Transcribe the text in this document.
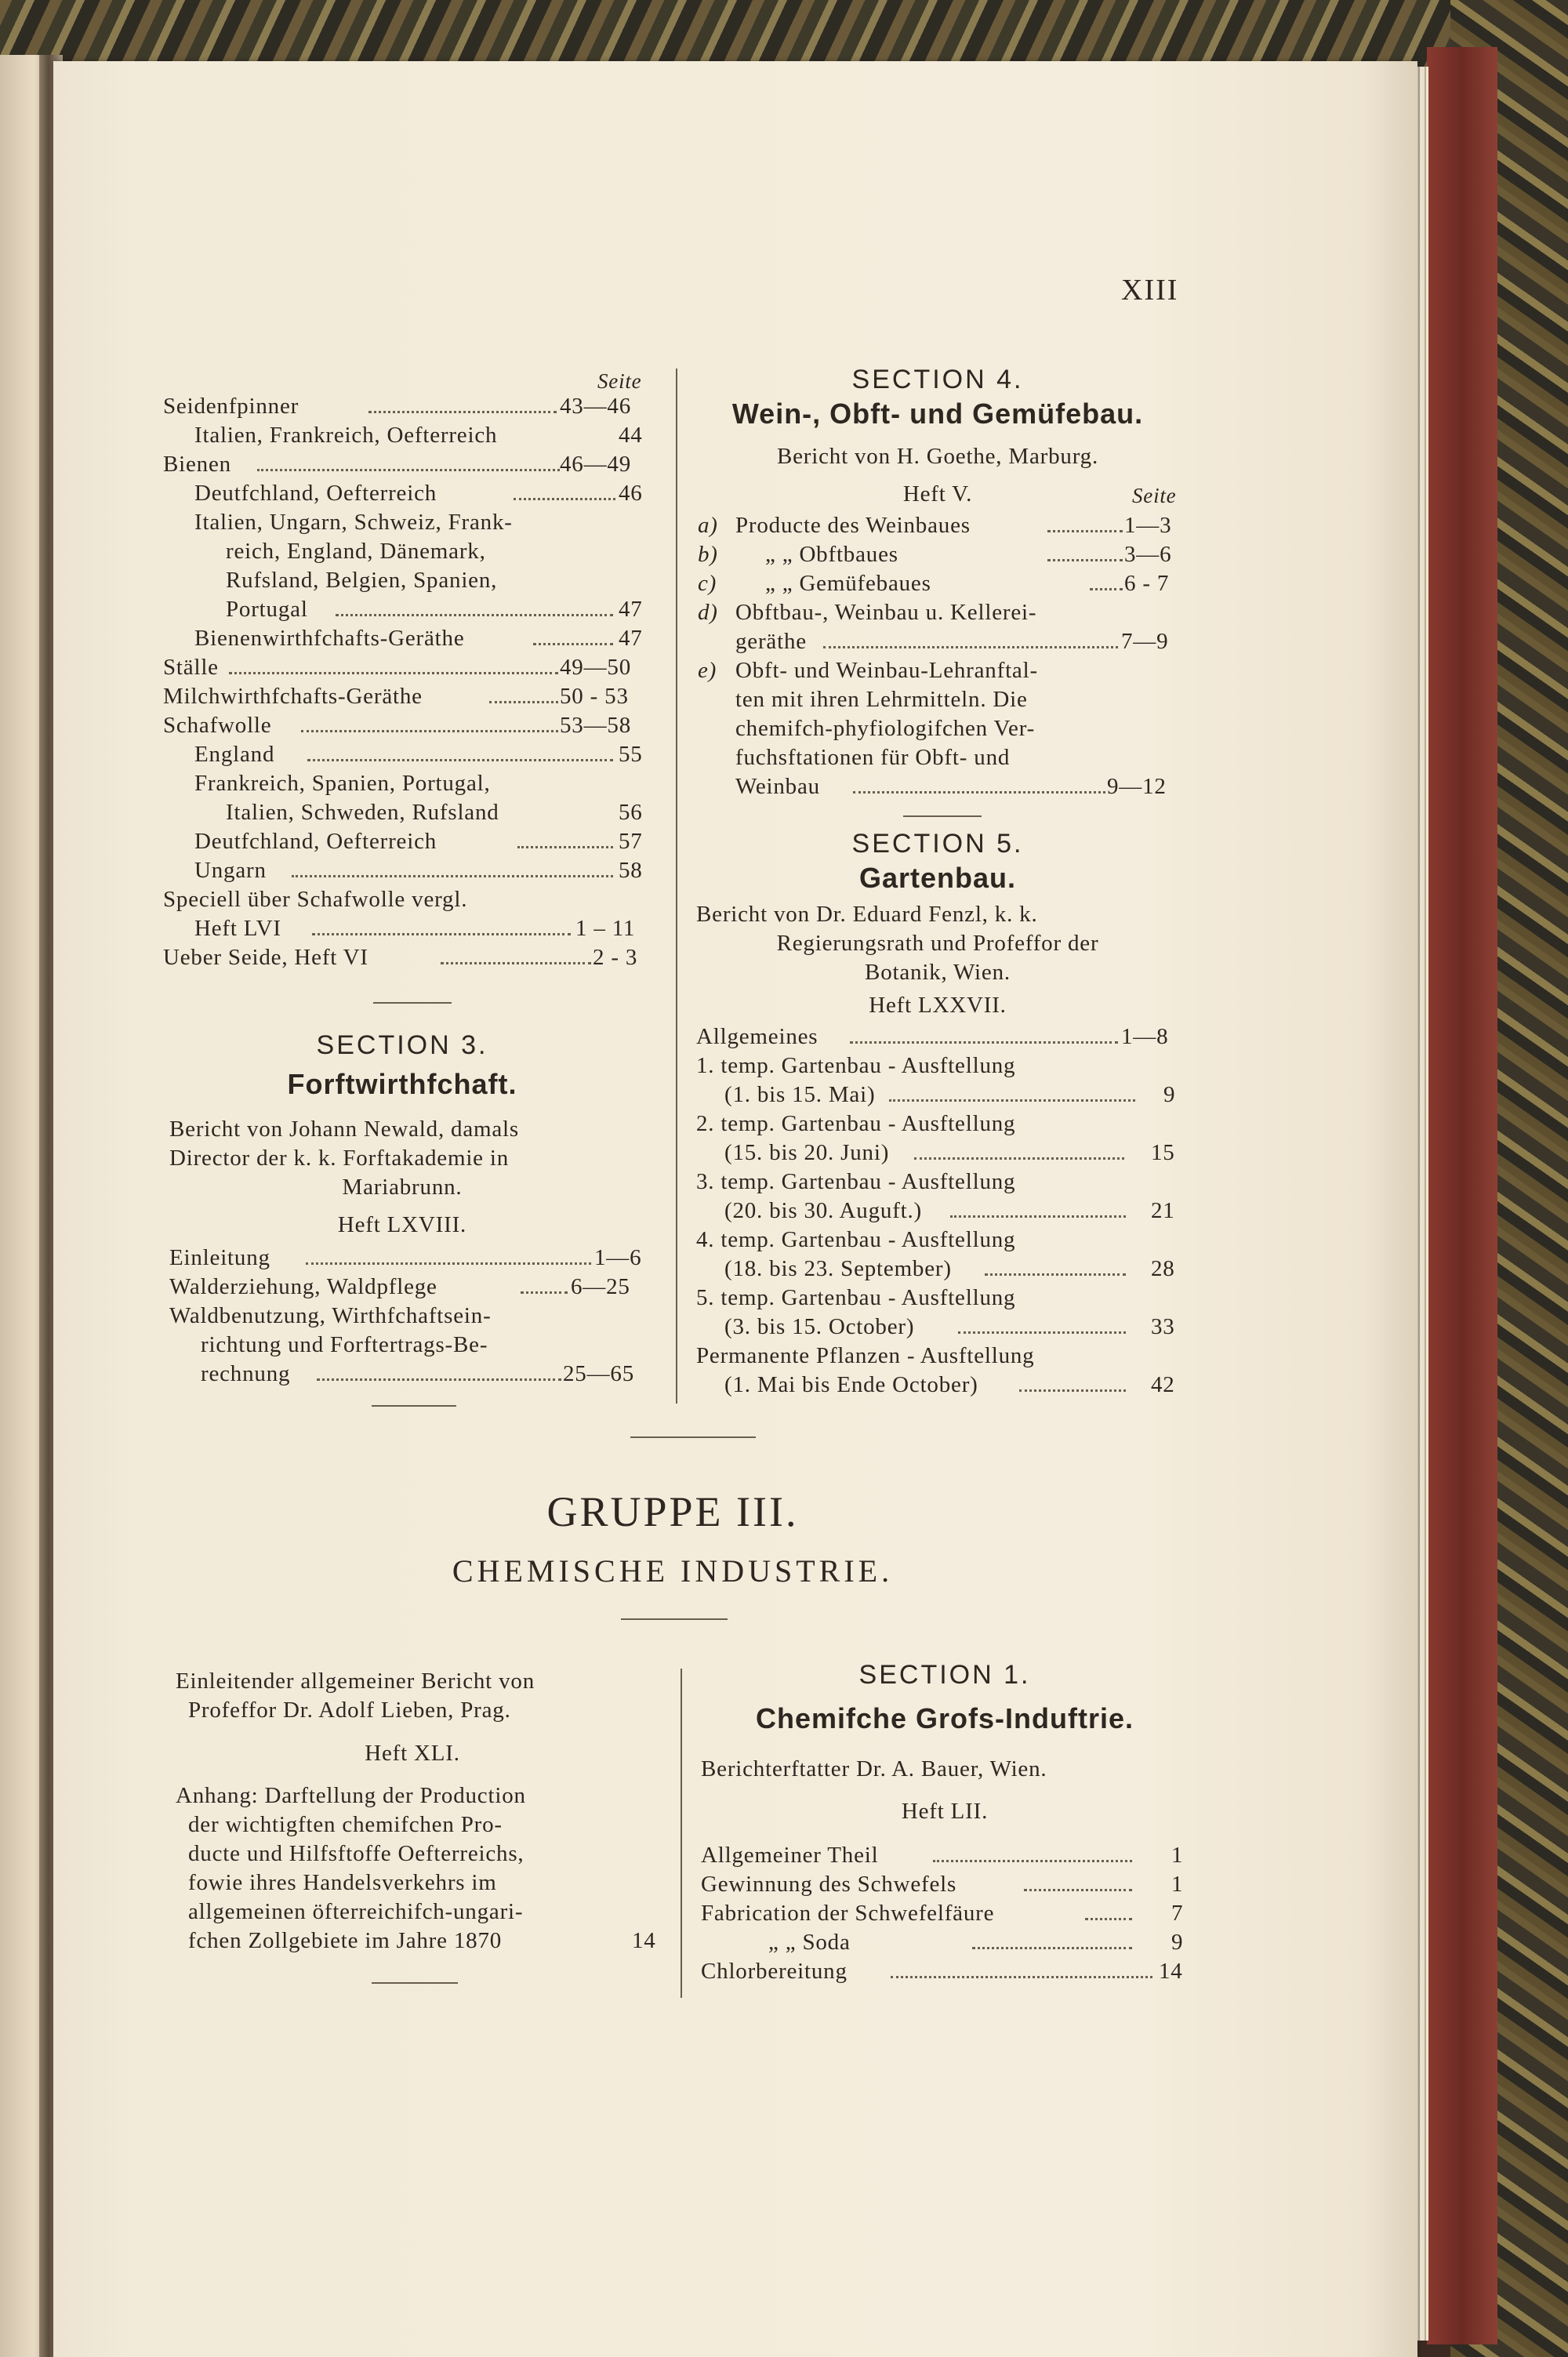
XIII
Seite
Seidenfpinner	43—46
Italien, Frankreich, Oefterreich	44
Bienen	46—49
Deutfchland, Oefterreich	46
Italien, Ungarn, Schweiz, Frank-
reich, England, Dänemark,
Rufsland, Belgien, Spanien,
Portugal	47
Bienenwirthfchafts-Geräthe	47
Ställe	49—50
Milchwirthfchafts-Geräthe	50 - 53
Schafwolle	53—58
England	55
Frankreich, Spanien, Portugal,
Italien, Schweden, Rufsland	56
Deutfchland, Oefterreich	57
Ungarn	58
Speciell über Schafwolle vergl.
Heft LVI	1 – 11
Ueber Seide, Heft VI	2 - 3
SECTION 3.
Forftwirthfchaft.
Bericht von Johann Newald, damals
Director der k. k. Forftakademie in
Mariabrunn.
Heft LXVIII.
Einleitung	1—6
Walderziehung, Waldpflege	6—25
Waldbenutzung, Wirthfchaftsein-
richtung und Forftertrags-Be-
rechnung	25—65
SECTION 4.
Wein-, Obft- und Gemüfebau.
Bericht von H. Goethe, Marburg.
Heft V.	Seite
a) Producte des Weinbaues	1—3
b) „ „ Obftbaues	3—6
c) „ „ Gemüfebaues	6 - 7
d) Obftbau-, Weinbau u. Kellerei-
geräthe	7—9
e) Obft- und Weinbau-Lehranftal-
ten mit ihren Lehrmitteln. Die
chemifch-phyfiologifchen Ver-
fuchsftationen für Obft- und
Weinbau	9—12
SECTION 5.
Gartenbau.
Bericht von Dr. Eduard Fenzl, k. k.
Regierungsrath und Profeffor der
Botanik, Wien.
Heft LXXVII.
Allgemeines	1—8
1. temp. Gartenbau - Ausftellung
(1. bis 15. Mai)	9
2. temp. Gartenbau - Ausftellung
(15. bis 20. Juni)	15
3. temp. Gartenbau - Ausftellung
(20. bis 30. Auguft.)	21
4. temp. Gartenbau - Ausftellung
(18. bis 23. September)	28
5. temp. Gartenbau - Ausftellung
(3. bis 15. October)	33
Permanente Pflanzen - Ausftellung
(1. Mai bis Ende October)	42
GRUPPE III.
CHEMISCHE INDUSTRIE.
Einleitender allgemeiner Bericht von
Profeffor Dr. Adolf Lieben, Prag.
Heft XLI.
Anhang: Darftellung der Production
der wichtigften chemifchen Pro-
ducte und Hilfsftoffe Oefterreichs,
fowie ihres Handelsverkehrs im
allgemeinen öfterreichifch-ungari-
fchen Zollgebiete im Jahre 1870	14
SECTION 1.
Chemifche Grofs-Induftrie.
Berichterftatter Dr. A. Bauer, Wien.
Heft LII.
Allgemeiner Theil	1
Gewinnung des Schwefels	1
Fabrication der Schwefelfäure	7
„ „ Soda	9
Chlorbereitung	14
